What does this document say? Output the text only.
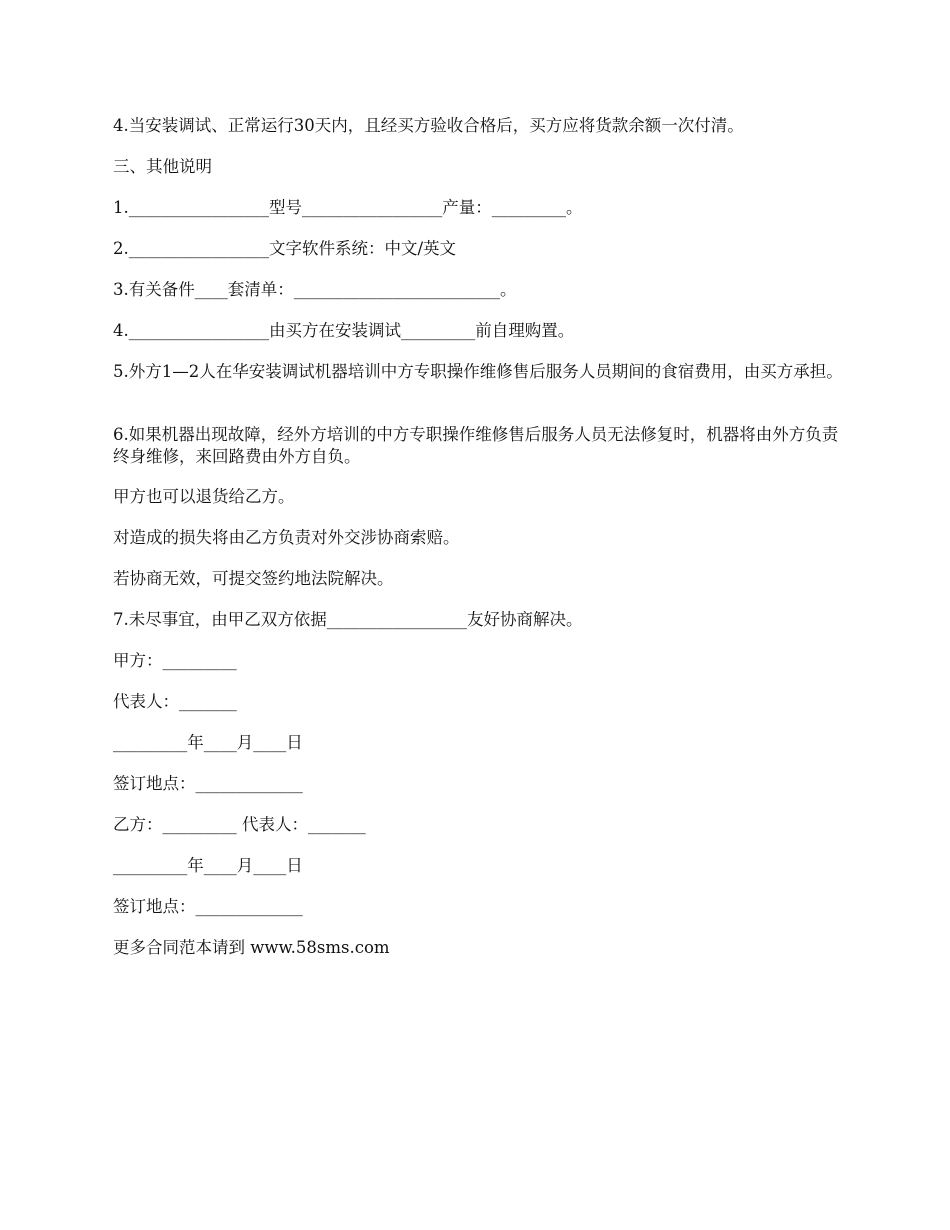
4.当安装调试、正常运行30天内，且经买方验收合格后，买方应将货款余额一次付清。
三、其他说明
1._________________型号_________________产量：_________。
2._________________文字软件系统：中文/英文
3.有关备件____套清单：_________________________。
4._________________由买方在安装调试_________前自理购置。
5.外方1—2人在华安装调试机器培训中方专职操作维修售后服务人员期间的食宿费用，由买方承担。
6.如果机器出现故障，经外方培训的中方专职操作维修售后服务人员无法修复时，机器将由外方负责终身维修，来回路费由外方自负。
甲方也可以退货给乙方。
对造成的损失将由乙方负责对外交涉协商索赔。
若协商无效，可提交签约地法院解决。
7.未尽事宜，由甲乙双方依据_________________友好协商解决。
甲方：_________
代表人：_______
_________年____月____日
签订地点：_____________
乙方：_________ 代表人：_______
_________年____月____日
签订地点：_____________
更多合同范本请到 www.58sms.com
